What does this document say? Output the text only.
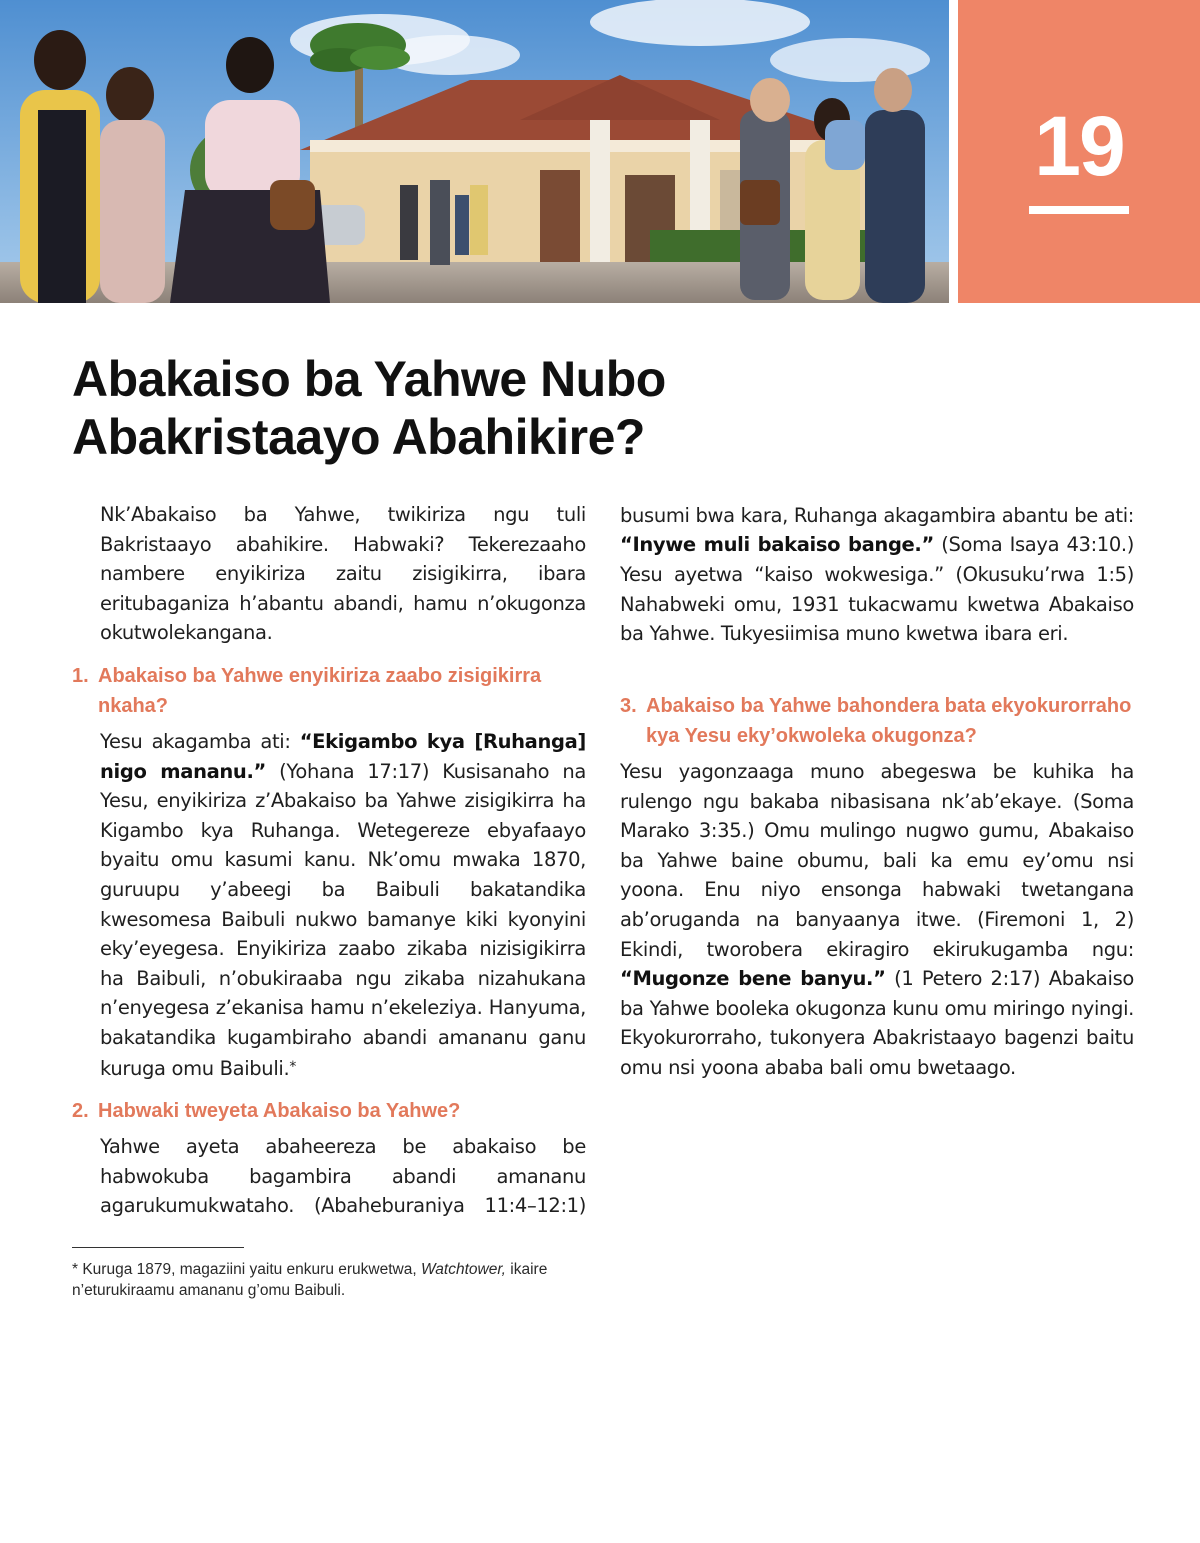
19
Abakaiso ba Yahwe Nubo
Abakristaayo Abahikire?

Nk’Abakaiso ba Yahwe, twikiriza ngu tuli Bakristaayo abahikire. Habwaki? Tekerezaaho nambere enyikiriza zaitu zisigikirra, ibara eritubaganiza h’abantu abandi, hamu n’okugonza okutwolekangana.

1. Abakaiso ba Yahwe enyikiriza zaabo zisigikirra nkaha?

Yesu akagamba ati: “Ekigambo kya [Ruhanga] nigo mananu.” (Yohana 17:17) Kusisanaho na Yesu, enyikiriza z’Abakaiso ba Yahwe zisigikirra ha Kigambo kya Ruhanga. Wetegereze ebyafaayo byaitu omu kasumi kanu. Nk’omu mwaka 1870, guruupu y’abeegi ba Baibuli bakatandika kwesomesa Baibuli nukwo bamanye kiki kyonyini eky’eyegesa. Enyikiriza zaabo zikaba nizisigikirra ha Baibuli, n’obukiraaba ngu zikaba nizahukana n’enyegesa z’ekanisa hamu n’ekeleziya. Hanyuma, bakatandika kugambiraho abandi amananu ganu kuruga omu Baibuli.*

2. Habwaki tweyeta Abakaiso ba Yahwe?

Yahwe ayeta abaheereza be abakaiso be habwokuba bagambira abandi amananu agarukumukwataho. (Abaheburaniya 11:4–12:1)

* Kuruga 1879, magaziini yaitu enkuru erukwetwa, Watchtower, ikaire n’eturukiraamu amananu g’omu Baibuli.

busumi bwa kara, Ruhanga akagambira abantu be ati: “Inywe muli bakaiso bange.” (Soma Isaya 43:10.) Yesu ayetwa “kaiso wokwesiga.” (Okusuku’rwa 1:5) Nahabweki omu, 1931 tukacwamu kwetwa Abakaiso ba Yahwe. Tukyesiimisa muno kwetwa ibara eri.

3. Abakaiso ba Yahwe bahondera bata ekyokurorraho kya Yesu eky’okwoleka okugonza?

Yesu yagonzaaga muno abegeswa be kuhika ha rulengo ngu bakaba nibasisana nk’ab’ekaye. (Soma Marako 3:35.) Omu mulingo nugwo gumu, Abakaiso ba Yahwe baine obumu, bali ka emu ey’omu nsi yoona. Enu niyo ensonga habwaki twetangana ab’oruganda na banyaanya itwe. (Firemoni 1, 2) Ekindi, tworobera ekiragiro ekirukugamba ngu: “Mugonze bene banyu.” (1 Petero 2:17) Abakaiso ba Yahwe booleka okugonza kunu omu miringo nyingi. Ekyokurorraho, tukonyera Abakristaayo bagenzi baitu omu nsi yoona ababa bali omu bwetaago.
